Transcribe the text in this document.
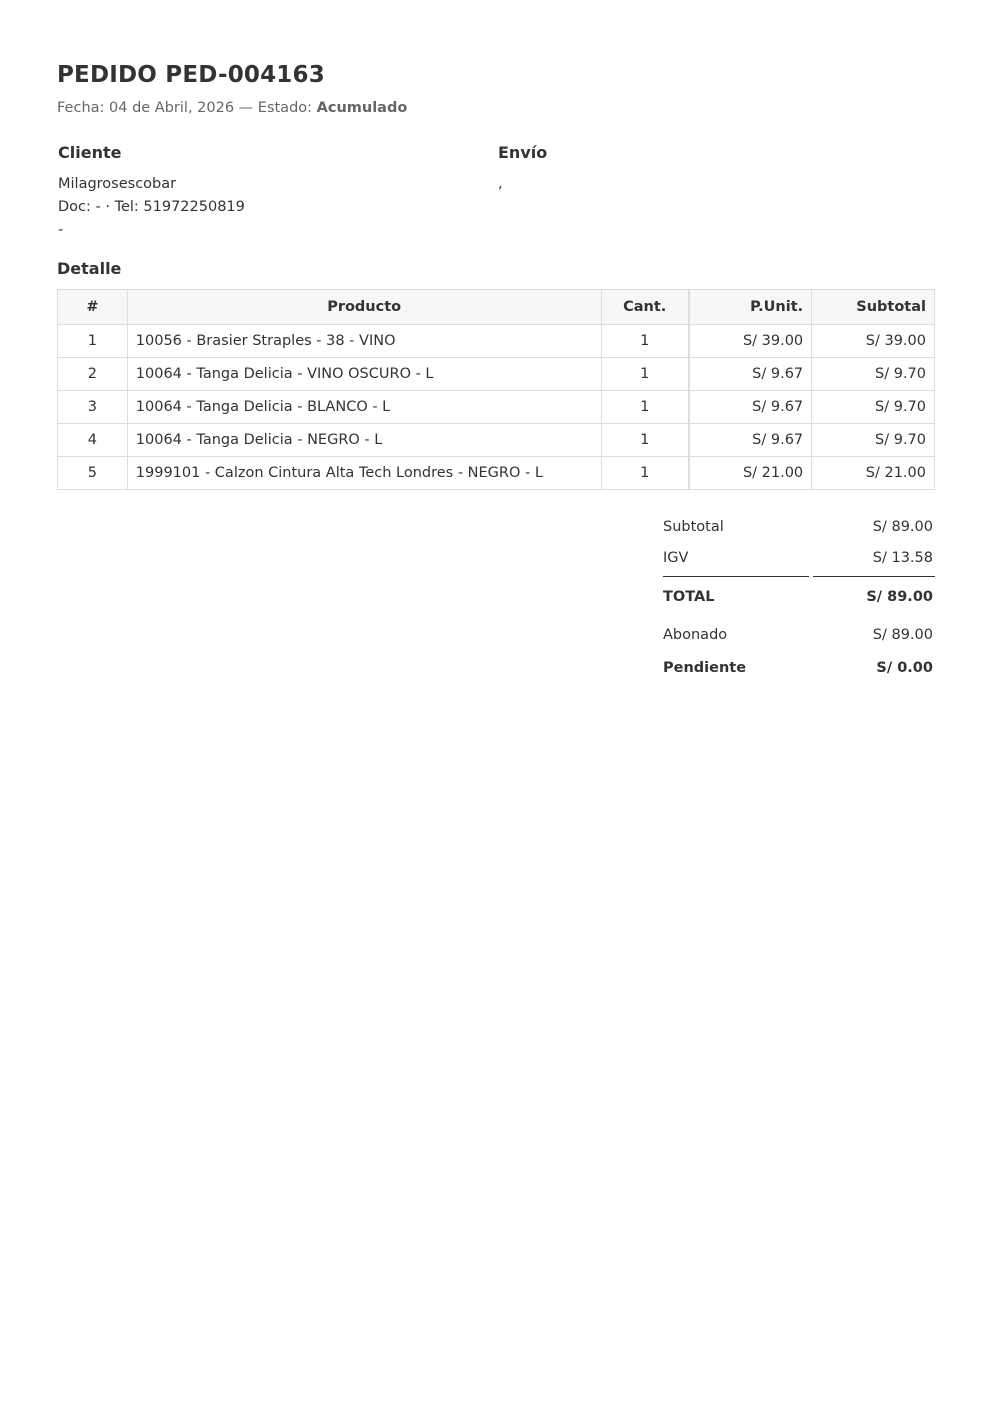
PEDIDO PED-004163
Fecha: 04 de Abril, 2026 — Estado: Acumulado
Cliente
Milagrosescobar
Doc: - · Tel: 51972250819
-
Envío
,
Detalle
#	Producto	Cant.	P.Unit.	Subtotal
1	10056 - Brasier Straples - 38 - VINO	1	S/ 39.00	S/ 39.00
2	10064 - Tanga Delicia - VINO OSCURO - L	1	S/ 9.67	S/ 9.70
3	10064 - Tanga Delicia - BLANCO - L	1	S/ 9.67	S/ 9.70
4	10064 - Tanga Delicia - NEGRO - L	1	S/ 9.67	S/ 9.70
5	1999101 - Calzon Cintura Alta Tech Londres - NEGRO - L	1	S/ 21.00	S/ 21.00
Subtotal	S/ 89.00
IGV	S/ 13.58
TOTAL	S/ 89.00
Abonado	S/ 89.00
Pendiente	S/ 0.00
